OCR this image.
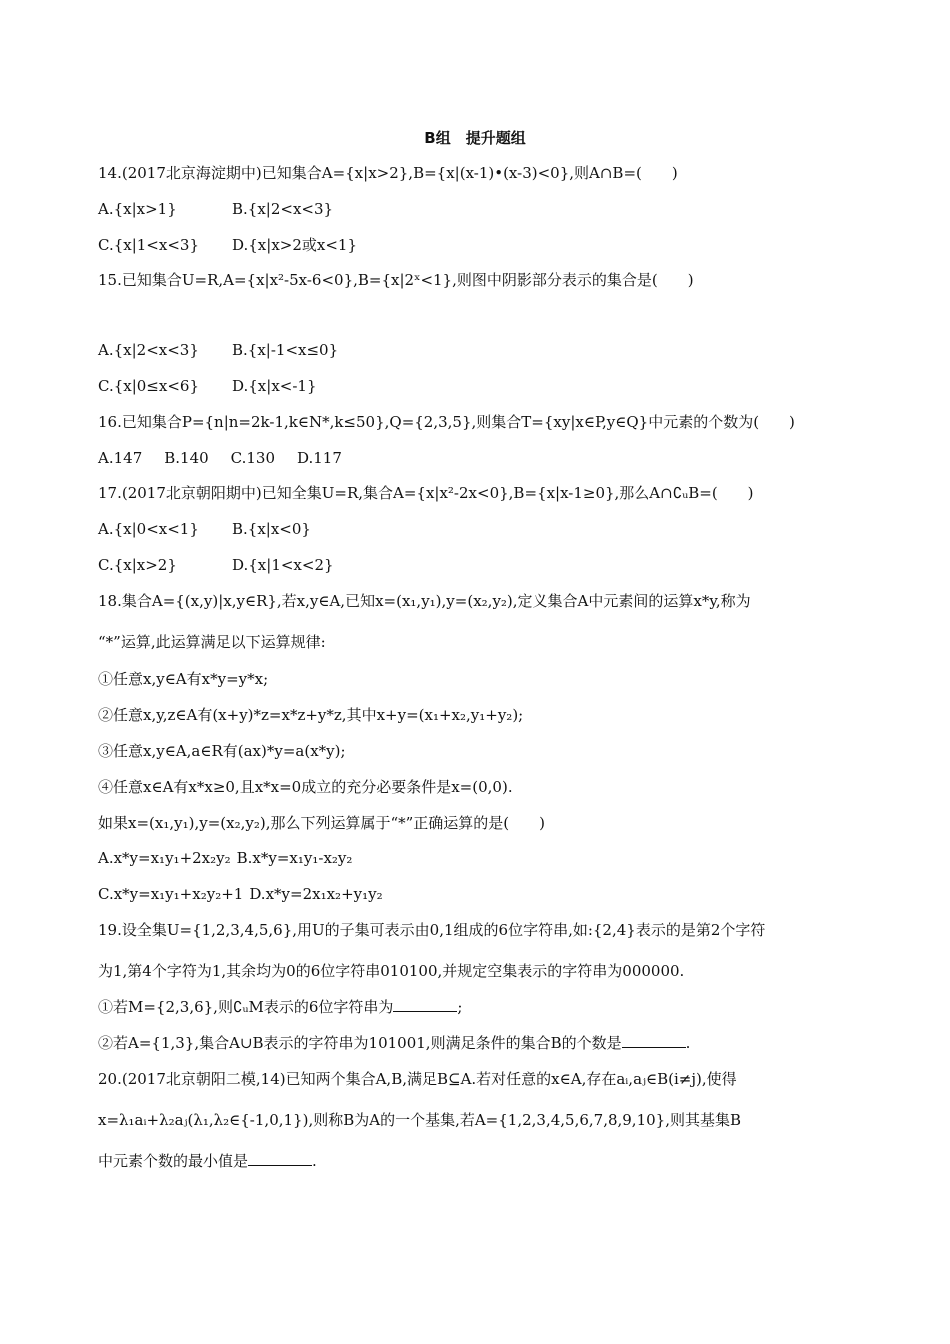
B组　提升题组
14.(2017北京海淀期中)已知集合A={x|x>2},B={x|(x-1)•(x-3)<0},则A∩B=(　　)
A.{x|x>1}	B.{x|2<x<3}
C.{x|1<x<3} D.{x|x>2或x<1}
15.已知集合U=R,A={x|x²-5x-6<0},B={x|2ˣ<1},则图中阴影部分表示的集合是(　　)
A.{x|2<x<3} B.{x|-1<x≤0}
C.{x|0≤x<6} D.{x|x<-1}
16.已知集合P={n|n=2k-1,k∈N*,k≤50},Q={2,3,5},则集合T={xy|x∈P,y∈Q}中元素的个数为(　　)
A.147 B.140 C.130 D.117
17.(2017北京朝阳期中)已知全集U=R,集合A={x|x²-2x<0},B={x|x-1≥0},那么A∩∁ᵤB=(　　)
A.{x|0<x<1} B.{x|x<0}
C.{x|x>2}	D.{x|1<x<2}
18.集合A={(x,y)|x,y∈R},若x,y∈A,已知x=(x₁,y₁),y=(x₂,y₂),定义集合A中元素间的运算x*y,称为
“*”运算,此运算满足以下运算规律:
①任意x,y∈A有x*y=y*x;
②任意x,y,z∈A有(x+y)*z=x*z+y*z,其中x+y=(x₁+x₂,y₁+y₂);
③任意x,y∈A,a∈R有(ax)*y=a(x*y);
④任意x∈A有x*x≥0,且x*x=0成立的充分必要条件是x=(0,0).
如果x=(x₁,y₁),y=(x₂,y₂),那么下列运算属于“*”正确运算的是(　　)
A.x*y=x₁y₁+2x₂y₂ B.x*y=x₁y₁-x₂y₂
C.x*y=x₁y₁+x₂y₂+1 D.x*y=2x₁x₂+y₁y₂
19.设全集U={1,2,3,4,5,6},用U的子集可表示由0,1组成的6位字符串,如:{2,4}表示的是第2个字符
为1,第4个字符为1,其余均为0的6位字符串010100,并规定空集表示的字符串为000000.
①若M={2,3,6},则∁ᵤM表示的6位字符串为	;
②若A={1,3},集合A∪B表示的字符串为101001,则满足条件的集合B的个数是	.
20.(2017北京朝阳二模,14)已知两个集合A,B,满足B⊆A.若对任意的x∈A,存在aᵢ,aⱼ∈B(i≠j),使得
x=λ₁aᵢ+λ₂aⱼ(λ₁,λ₂∈{-1,0,1}),则称B为A的一个基集,若A={1,2,3,4,5,6,7,8,9,10},则其基集B
中元素个数的最小值是	.
